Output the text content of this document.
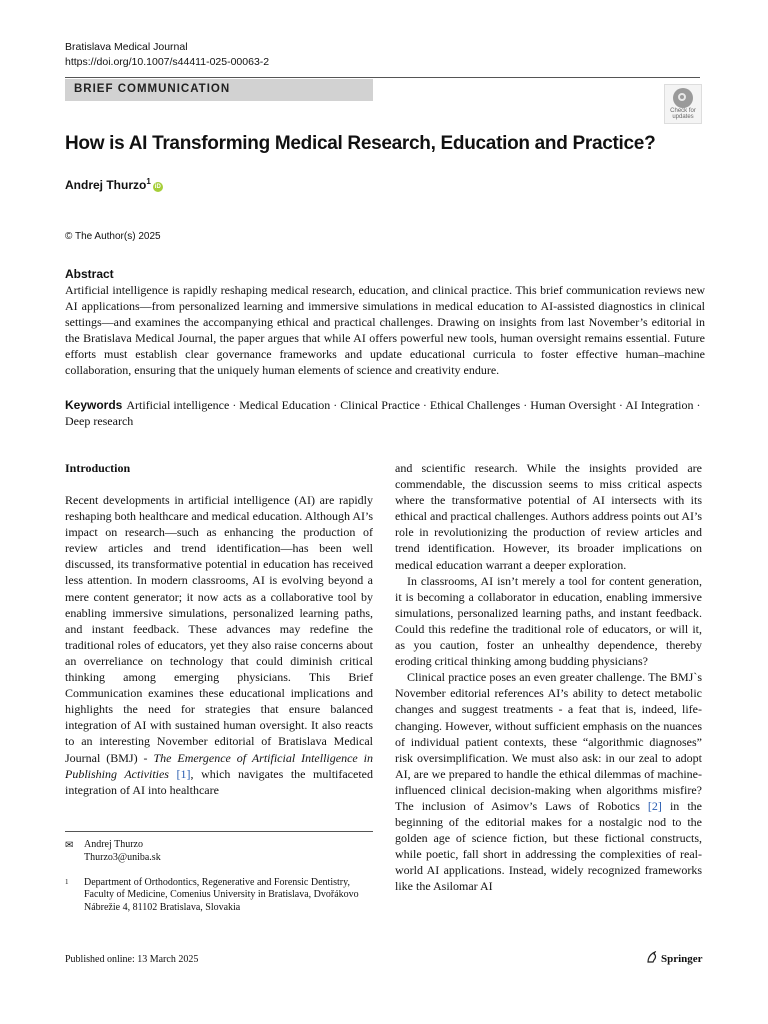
Bratislava Medical Journal
https://doi.org/10.1007/s44411-025-00063-2
BRIEF COMMUNICATION
Check for
updates
How is AI Transforming Medical Research, Education and Practice?
Andrej Thurzo$^1$iD
© The Author(s) 2025
Abstract
Artificial intelligence is rapidly reshaping medical research, education, and clinical practice. This brief communication reviews new AI applications—from personalized learning and immersive simulations in medical education to AI-assisted diagnostics in clinical settings—and examines the accompanying ethical and practical challenges. Drawing on insights from last November’s editorial in the Bratislava Medical Journal, the paper argues that while AI offers powerful new tools, human oversight remains essential. Future efforts must establish clear governance frameworks and update educational curricula to foster effective human–machine collaboration, ensuring that the uniquely human elements of science and creativity endure.
Keywords Artificial intelligence · Medical Education · Clinical Practice · Ethical Challenges · Human Oversight · AI Integration · Deep research
Introduction
Recent developments in artificial intelligence (AI) are rapidly reshaping both healthcare and medical education. Although AI’s impact on research—such as enhancing the production of review articles and trend identification—has been well discussed, its transformative potential in education has received less attention. In modern classrooms, AI is evolving beyond a mere content generator; it now acts as a collaborative tool by enabling immersive simulations, personalized learning paths, and instant feedback. These advances may redefine the traditional roles of educators, yet they also raise concerns about an overreliance on technology that could diminish critical thinking among emerging physicians. This Brief Communication examines these educational implications and highlights the need for strategies that ensure balanced integration of AI with sustained human oversight. It also reacts to an interesting November editorial of Bratislava Medical Journal (BMJ) - The Emergence of Artificial Intelligence in Publishing Activities [1], which navigates the multifaceted integration of AI into healthcare

and scientific research. While the insights provided are commendable, the discussion seems to miss critical aspects where the transformative potential of AI intersects with its ethical and practical challenges. Authors address points out AI’s role in revolutionizing the production of review articles and trend identification. However, its broader implications on medical education warrant a deeper exploration.

In classrooms, AI isn’t merely a tool for content generation, it is becoming a collaborator in education, enabling immersive simulations, personalized learning paths, and instant feedback. Could this redefine the traditional role of educators, or will it, as you caution, foster an unhealthy dependence, thereby eroding critical thinking among budding physicians?

Clinical practice poses an even greater challenge. The BMJ`s November editorial references AI’s ability to detect metabolic changes and suggest treatments - a feat that is, indeed, life-changing. However, without sufficient emphasis on the nuances of individual patient contexts, these “algorithmic diagnoses” risk oversimplification. We must also ask: in our zeal to adopt AI, are we prepared to handle the ethical dilemmas of machine-influenced clinical decision-making when algorithms misfire? The inclusion of Asimov’s Laws of Robotics [2] in the beginning of the editorial makes for a nostalgic nod to the golden age of science fiction, but these fictional constructs, while poetic, fall short in addressing the complexities of real-world AI applications. Instead, widely recognized frameworks like the Asilomar AI

✉ Andrej Thurzo
Thurzo3@uniba.sk
1 Department of Orthodontics, Regenerative and Forensic Dentistry, Faculty of Medicine, Comenius University in Bratislava, Dvořákovo Nábrežie 4, 81102 Bratislava, Slovakia
Published online: 13 March 2025	Springer
